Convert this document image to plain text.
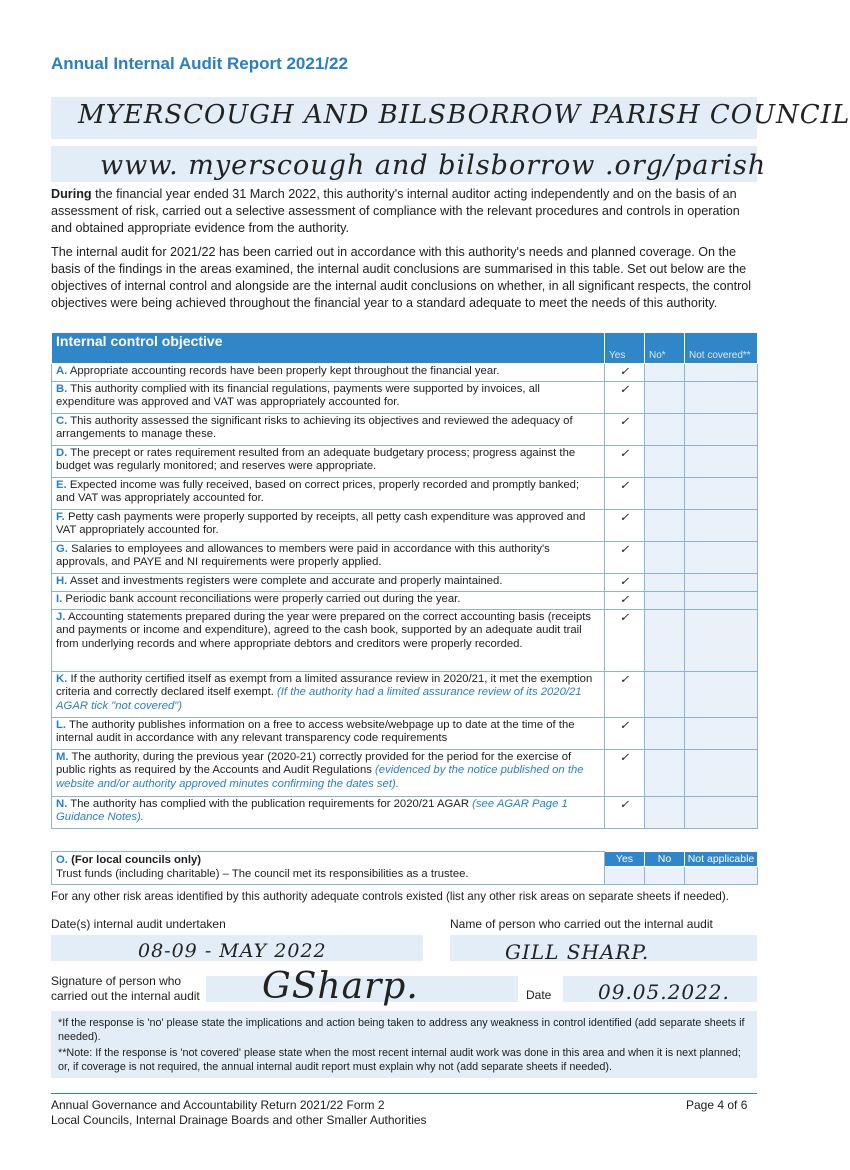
Annual Internal Audit Report 2021/22
MYERSCOUGH AND BILSBORROW PARISH COUNCIL
www. myerscough and bilsborrow .org/parish
During the financial year ended 31 March 2022, this authority's internal auditor acting independently and on the basis of an assessment of risk, carried out a selective assessment of compliance with the relevant procedures and controls in operation and obtained appropriate evidence from the authority.
The internal audit for 2021/22 has been carried out in accordance with this authority's needs and planned coverage. On the basis of the findings in the areas examined, the internal audit conclusions are summarised in this table. Set out below are the objectives of internal control and alongside are the internal audit conclusions on whether, in all significant respects, the control objectives were being achieved throughout the financial year to a standard adequate to meet the needs of this authority.
Internal control objective	Yes	No*	Not covered**
A. Appropriate accounting records have been properly kept throughout the financial year.	✓		
B. This authority complied with its financial regulations, payments were supported by invoices, all expenditure was approved and VAT was appropriately accounted for.	✓		
C. This authority assessed the significant risks to achieving its objectives and reviewed the adequacy of arrangements to manage these.	✓		
D. The precept or rates requirement resulted from an adequate budgetary process; progress against the budget was regularly monitored; and reserves were appropriate.	✓		
E. Expected income was fully received, based on correct prices, properly recorded and promptly banked; and VAT was appropriately accounted for.	✓		
F. Petty cash payments were properly supported by receipts, all petty cash expenditure was approved and VAT appropriately accounted for.	✓		
G. Salaries to employees and allowances to members were paid in accordance with this authority's approvals, and PAYE and NI requirements were properly applied.	✓		
H. Asset and investments registers were complete and accurate and properly maintained.	✓		
I. Periodic bank account reconciliations were properly carried out during the year.	✓		
J. Accounting statements prepared during the year were prepared on the correct accounting basis (receipts and payments or income and expenditure), agreed to the cash book, supported by an adequate audit trail from underlying records and where appropriate debtors and creditors were properly recorded.	✓		
K. If the authority certified itself as exempt from a limited assurance review in 2020/21, it met the exemption criteria and correctly declared itself exempt. (If the authority had a limited assurance review of its 2020/21 AGAR tick "not covered")	✓		
L. The authority publishes information on a free to access website/webpage up to date at the time of the internal audit in accordance with any relevant transparency code requirements	✓		
M. The authority, during the previous year (2020-21) correctly provided for the period for the exercise of public rights as required by the Accounts and Audit Regulations (evidenced by the notice published on the website and/or authority approved minutes confirming the dates set).	✓		
N. The authority has complied with the publication requirements for 2020/21 AGAR (see AGAR Page 1 Guidance Notes).	✓		
O. (For local councils only)
Trust funds (including charitable) – The council met its responsibilities as a trustee.	Yes	No	Not applicable

For any other risk areas identified by this authority adequate controls existed (list any other risk areas on separate sheets if needed).
Date(s) internal audit undertaken	Name of person who carried out the internal audit
08-09 - MAY 2022	GILL SHARP.
Signature of person who
carried out the internal audit GSharp.	Date 09.05.2022.
*If the response is 'no' please state the implications and action being taken to address any weakness in control identified (add separate sheets if needed).
**Note: If the response is 'not covered' please state when the most recent internal audit work was done in this area and when it is next planned; or, if coverage is not required, the annual internal audit report must explain why not (add separate sheets if needed).
Annual Governance and Accountability Return 2021/22 Form 2
Local Councils, Internal Drainage Boards and other Smaller Authorities
Page 4 of 6
